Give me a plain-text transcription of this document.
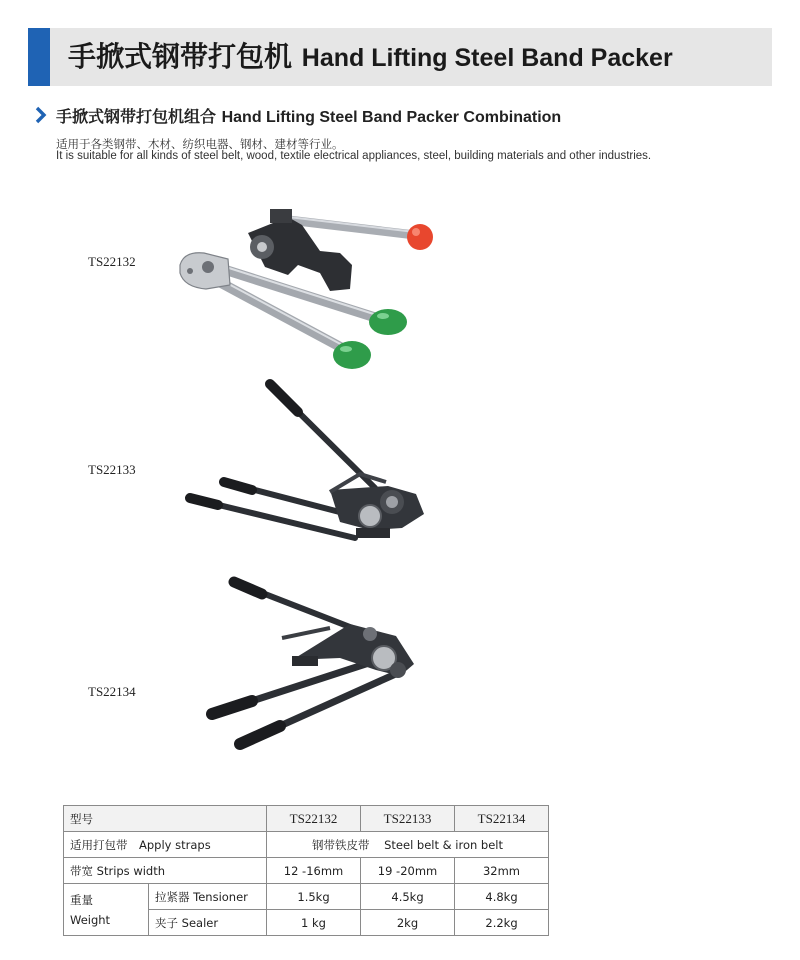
手掀式钢带打包机 Hand Lifting Steel Band Packer
手掀式钢带打包机组合 Hand Lifting Steel Band Packer Combination
适用于各类钢带、木材、纺织电器、钢材、建材等行业。
It is suitable for all kinds of steel belt, wood, textile electrical appliances, steel, building materials and other industries.
TS22132
TS22133
TS22134
型号		TS22132	TS22133	TS22134
适用打包带　Apply straps		钢带铁皮带 Steel belt & iron belt		
带宽 Strips width		12 -16mm	19 -20mm	32mm
重量
Weight	拉紧器 Tensioner	1.5kg	4.5kg	4.8kg
	夹子 Sealer	1 kg	2kg	2.2kg
